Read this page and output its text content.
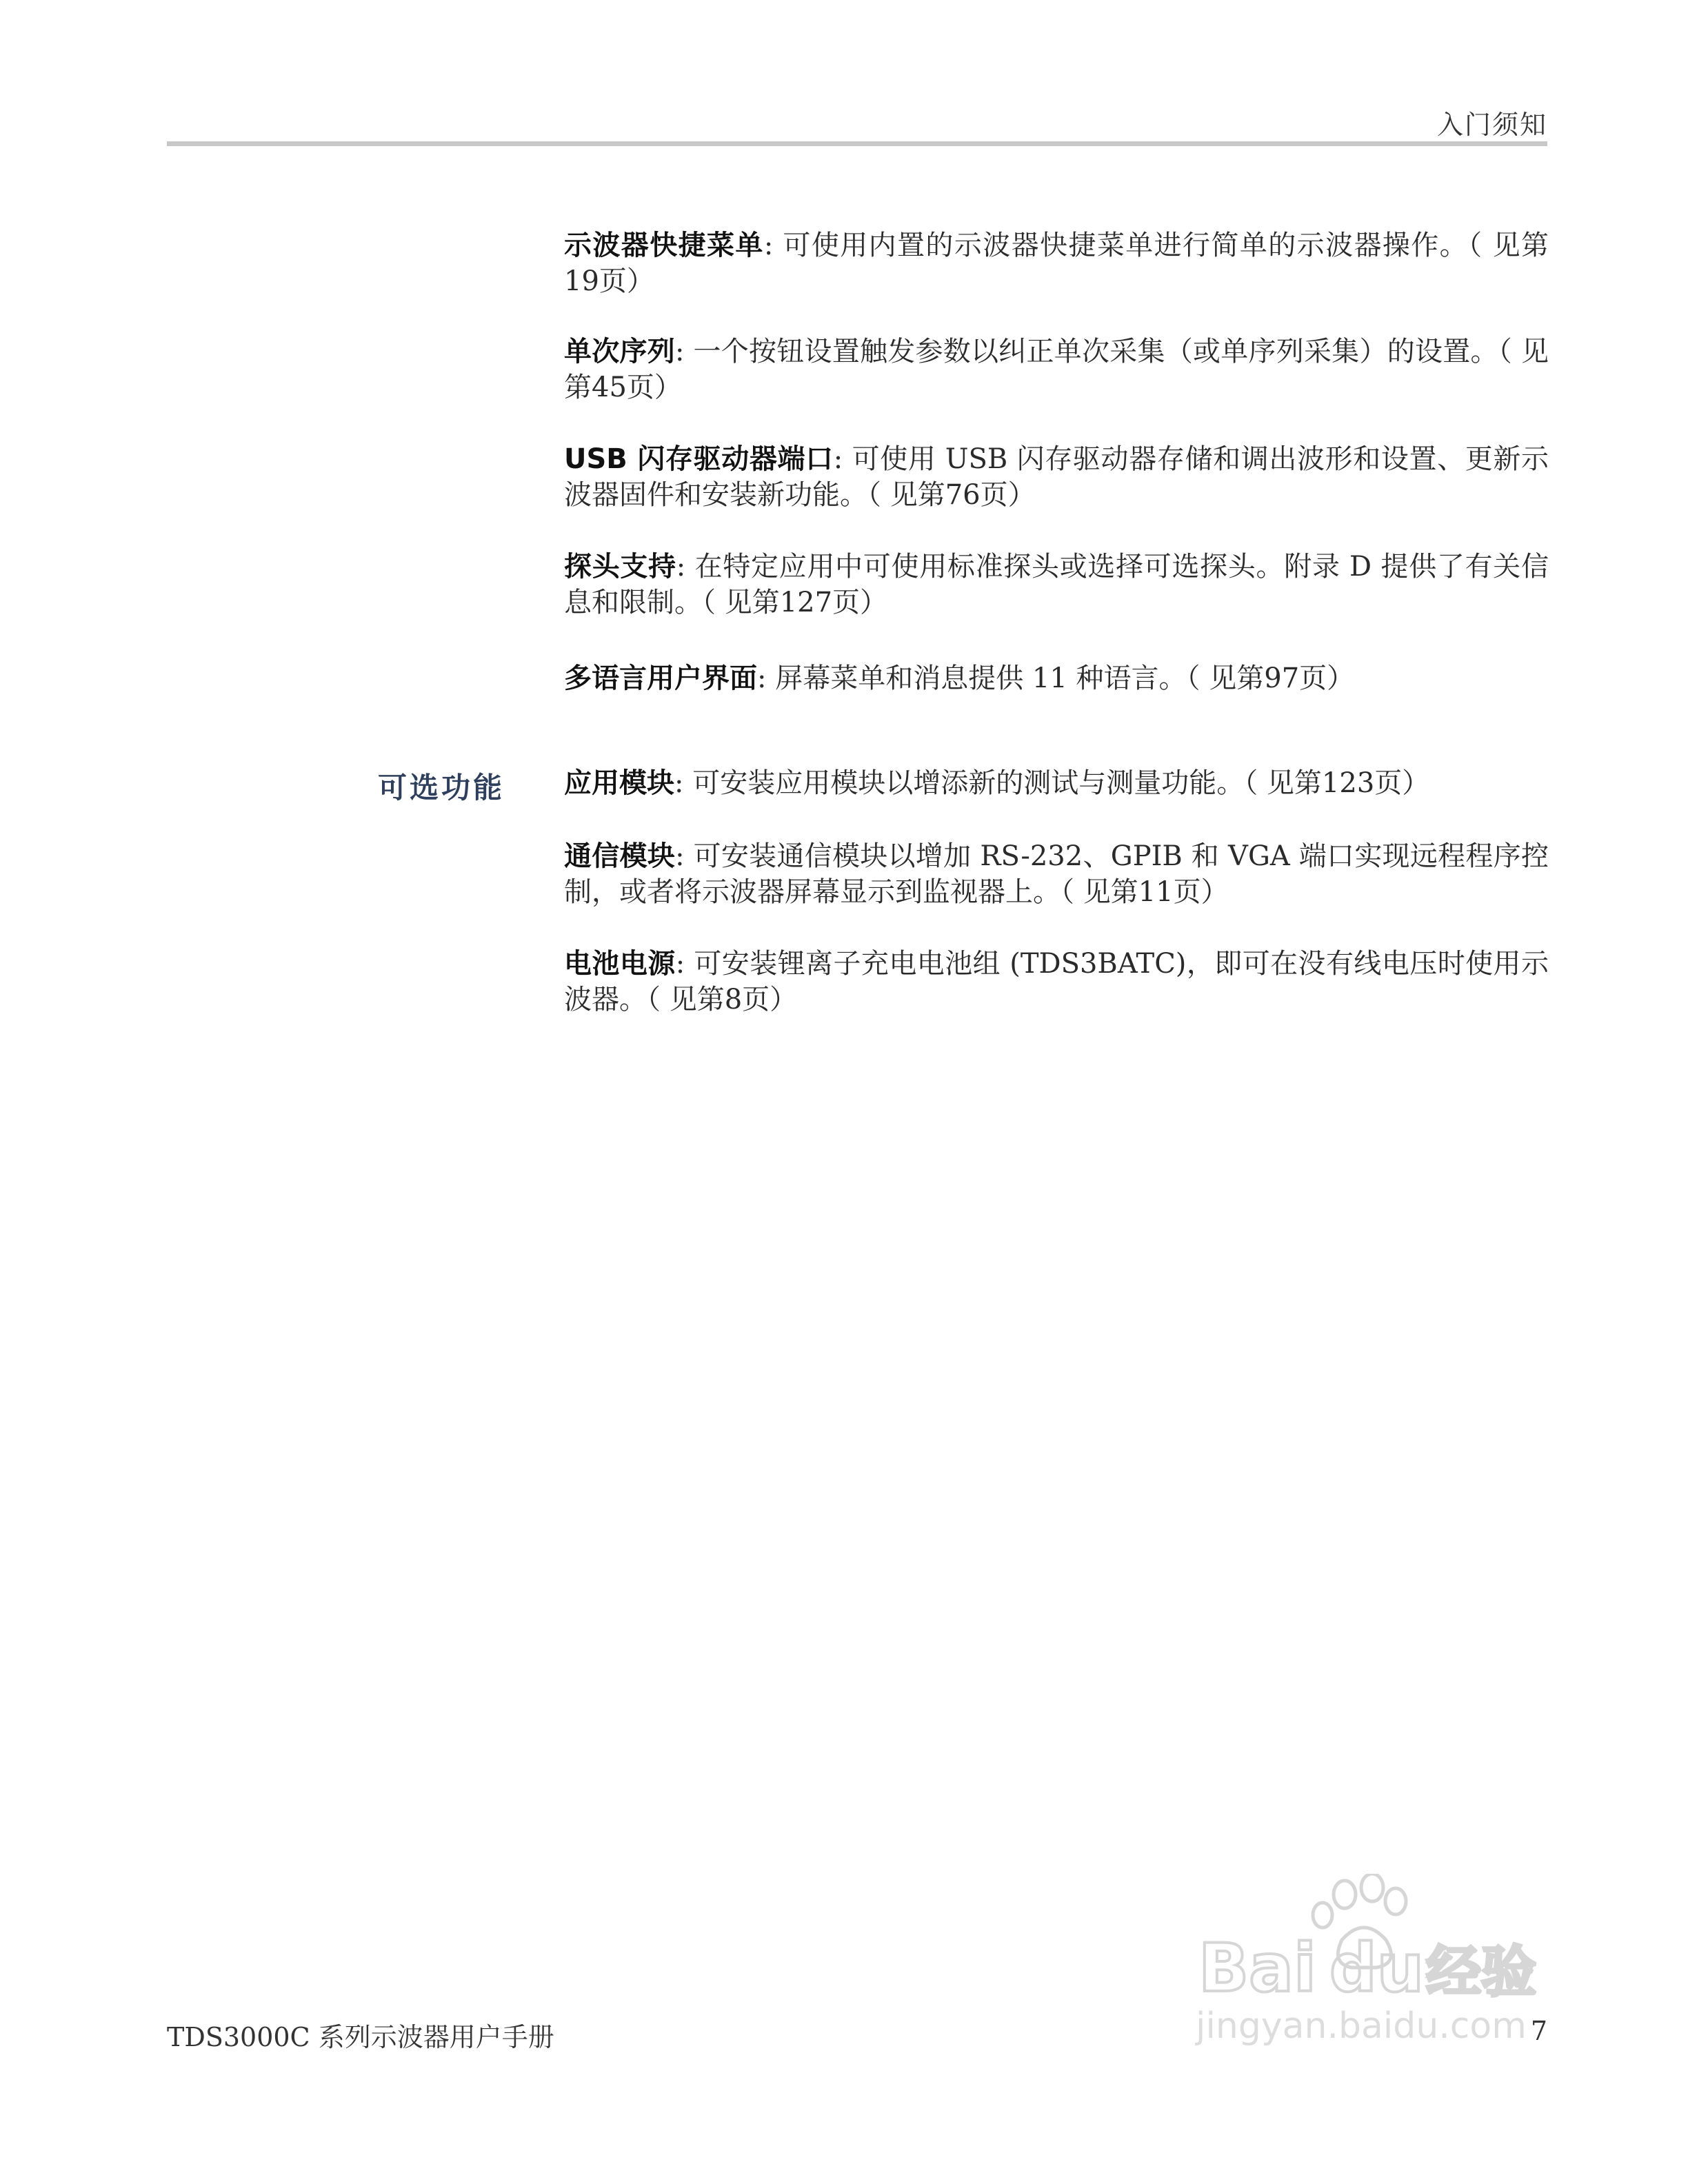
入门须知

示波器快捷菜单: 可使用内置的示波器快捷菜单进行简单的示波器操作。（ 见第19页）

单次序列: 一个按钮设置触发参数以纠正单次采集（或单序列采集）的设置。（ 见第45页）

USB 闪存驱动器端口: 可使用 USB 闪存驱动器存储和调出波形和设置、更新示波器固件和安装新功能。（ 见第76页）

探头支持: 在特定应用中可使用标准探头或选择可选探头。附录 D 提供了有关信息和限制。（ 见第127页）

多语言用户界面: 屏幕菜单和消息提供 11 种语言。（ 见第97页）

可选功能 应用模块: 可安装应用模块以增添新的测试与测量功能。（ 见第123页）

通信模块: 可安装通信模块以增加 RS-232、GPIB 和 VGA 端口实现远程程序控制，或者将示波器屏幕显示到监视器上。（ 见第11页）

电池电源: 可安装锂离子充电电池组 (TDS3BATC)，即可在没有线电压时使用示波器。（ 见第8页）

Bai du 经验
jingyan.baidu.com
TDS3000C 系列示波器用户手册	7
